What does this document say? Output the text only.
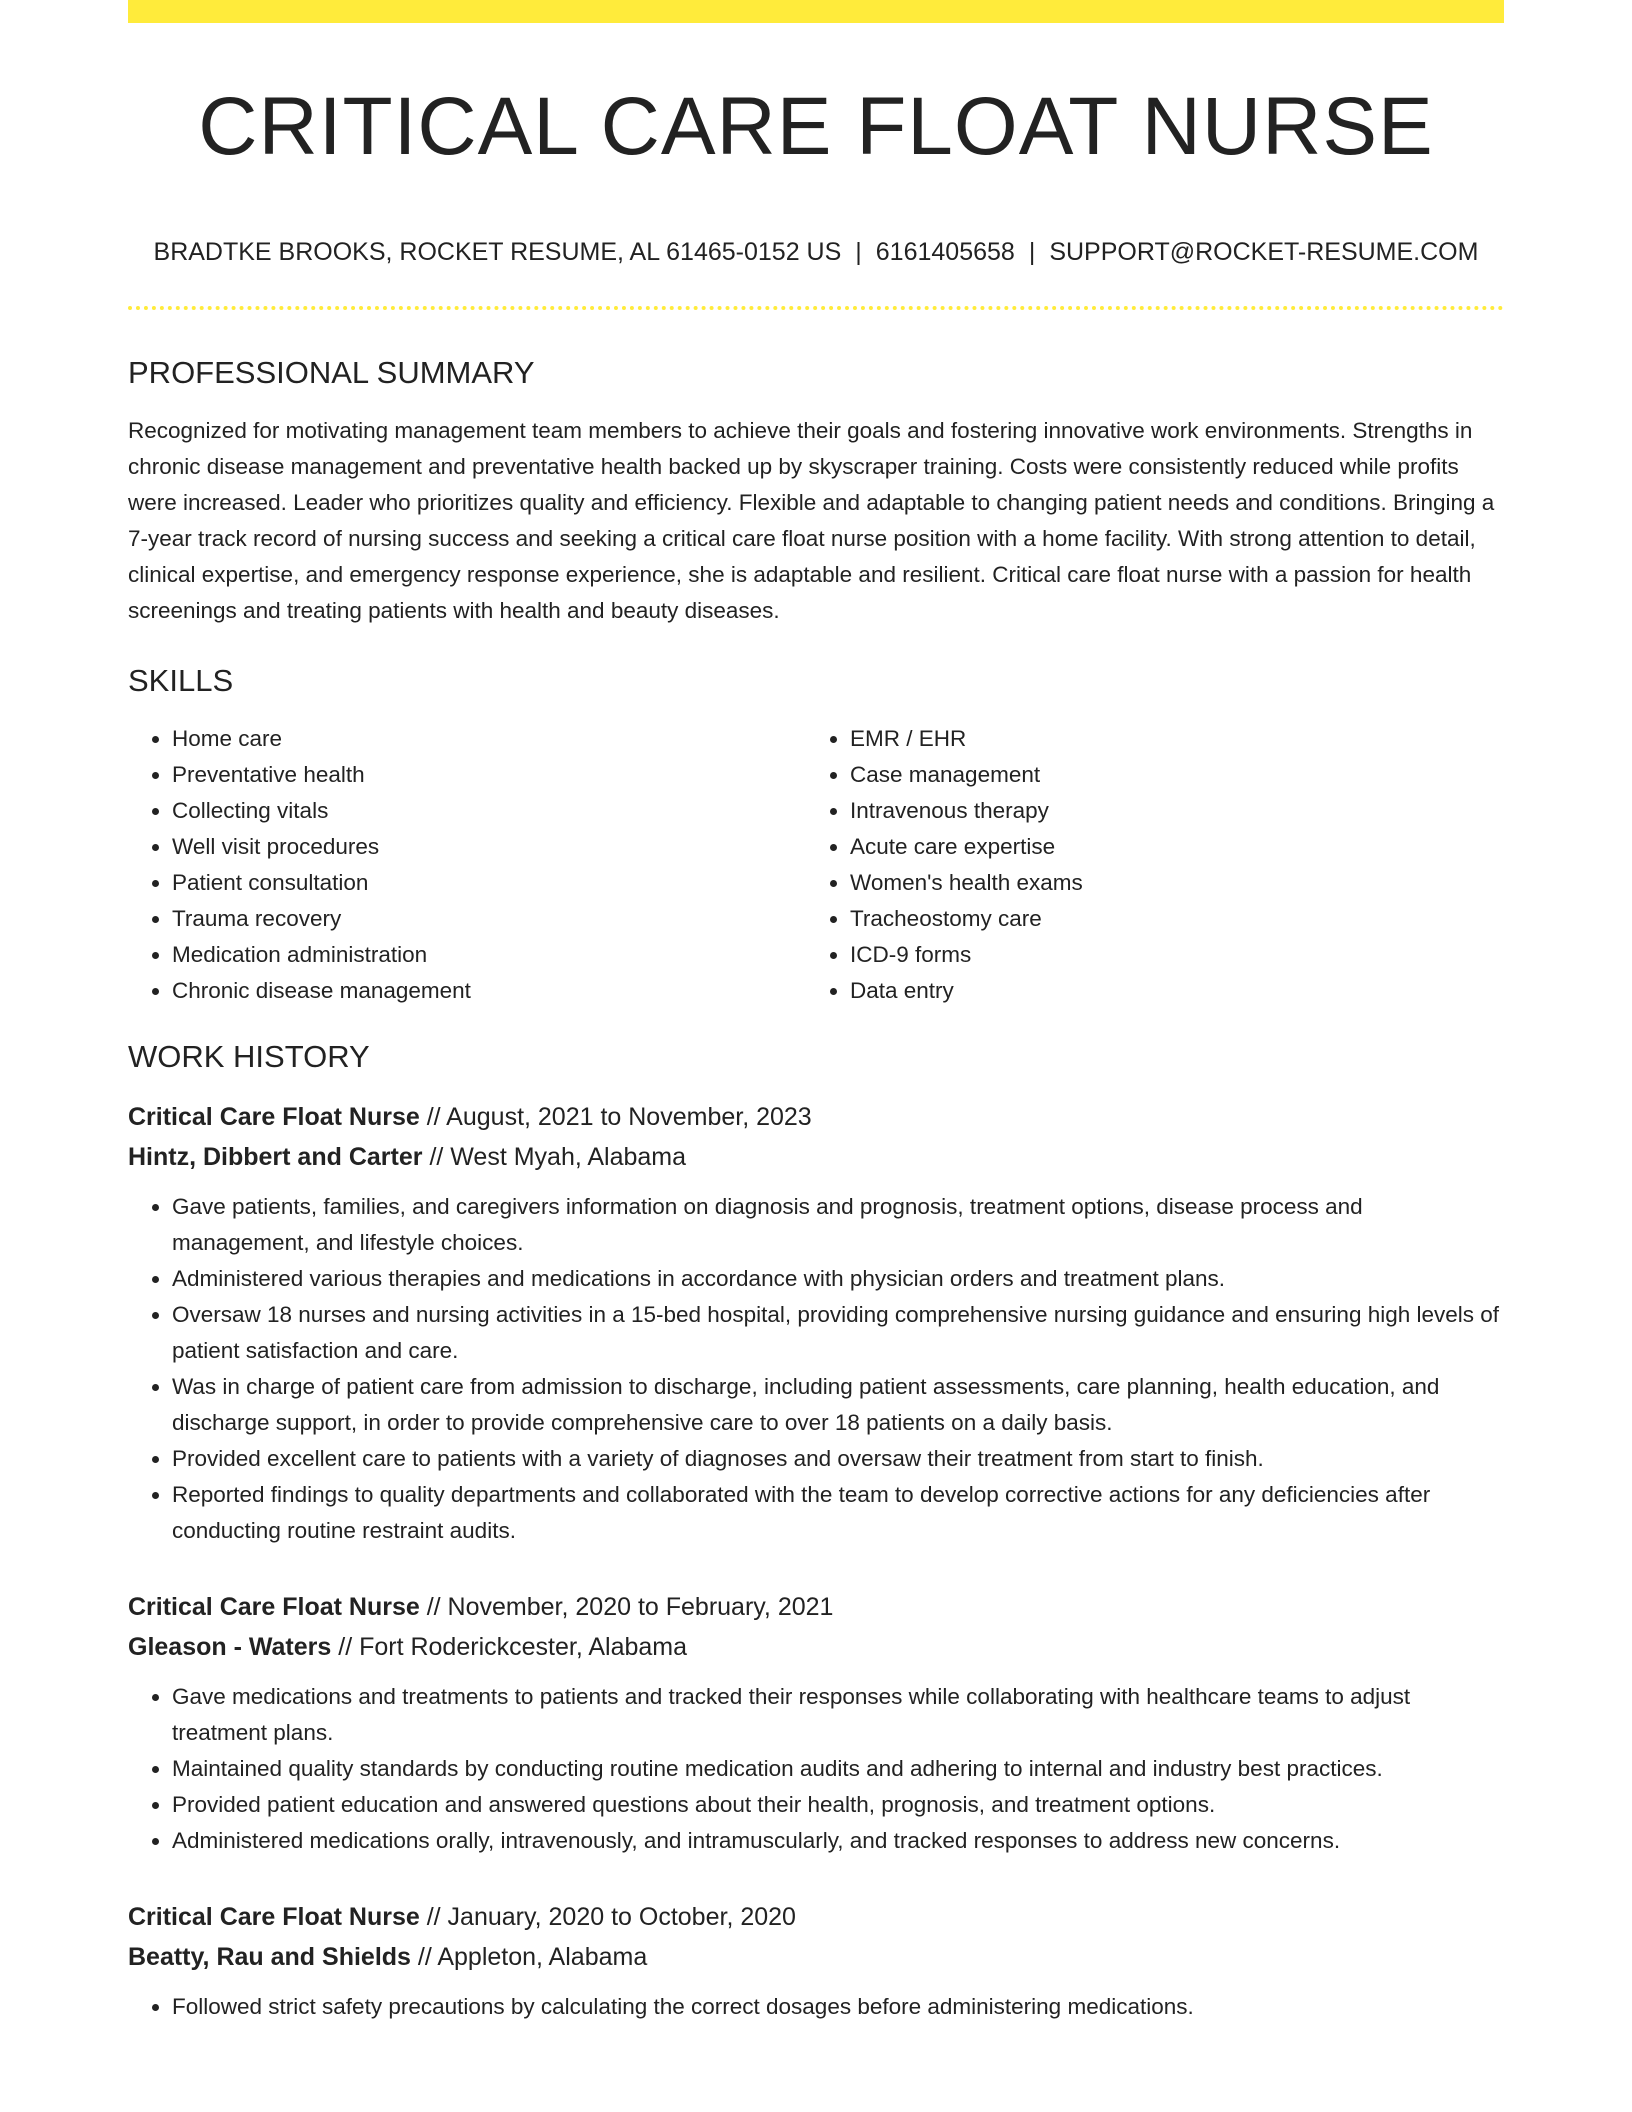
CRITICAL CARE FLOAT NURSE
BRADTKE BROOKS, ROCKET RESUME, AL 61465-0152 US | 6161405658 | SUPPORT@ROCKET-RESUME.COM
PROFESSIONAL SUMMARY

Recognized for motivating management team members to achieve their goals and fostering innovative work environments. Strengths in chronic disease management and preventative health backed up by skyscraper training. Costs were consistently reduced while profits were increased. Leader who prioritizes quality and efficiency. Flexible and adaptable to changing patient needs and conditions. Bringing a 7-year track record of nursing success and seeking a critical care float nurse position with a home facility. With strong attention to detail, clinical expertise, and emergency response experience, she is adaptable and resilient. Critical care float nurse with a passion for health screenings and treating patients with health and beauty diseases.

SKILLS
• Home care
• Preventative health
• Collecting vitals
• Well visit procedures
• Patient consultation
• Trauma recovery
• Medication administration
• Chronic disease management
• EMR / EHR
• Case management
• Intravenous therapy
• Acute care expertise
• Women's health exams
• Tracheostomy care
• ICD-9 forms
• Data entry
WORK HISTORY
Critical Care Float Nurse // August, 2021 to November, 2023
Hintz, Dibbert and Carter // West Myah, Alabama
• Gave patients, families, and caregivers information on diagnosis and prognosis, treatment options, disease process and management, and lifestyle choices.
• Administered various therapies and medications in accordance with physician orders and treatment plans.
• Oversaw 18 nurses and nursing activities in a 15-bed hospital, providing comprehensive nursing guidance and ensuring high levels of patient satisfaction and care.
• Was in charge of patient care from admission to discharge, including patient assessments, care planning, health education, and discharge support, in order to provide comprehensive care to over 18 patients on a daily basis.
• Provided excellent care to patients with a variety of diagnoses and oversaw their treatment from start to finish.
• Reported findings to quality departments and collaborated with the team to develop corrective actions for any deficiencies after conducting routine restraint audits.
Critical Care Float Nurse // November, 2020 to February, 2021
Gleason - Waters // Fort Roderickcester, Alabama
• Gave medications and treatments to patients and tracked their responses while collaborating with healthcare teams to adjust treatment plans.
• Maintained quality standards by conducting routine medication audits and adhering to internal and industry best practices.
• Provided patient education and answered questions about their health, prognosis, and treatment options.
• Administered medications orally, intravenously, and intramuscularly, and tracked responses to address new concerns.
Critical Care Float Nurse // January, 2020 to October, 2020
Beatty, Rau and Shields // Appleton, Alabama
• Followed strict safety precautions by calculating the correct dosages before administering medications.
